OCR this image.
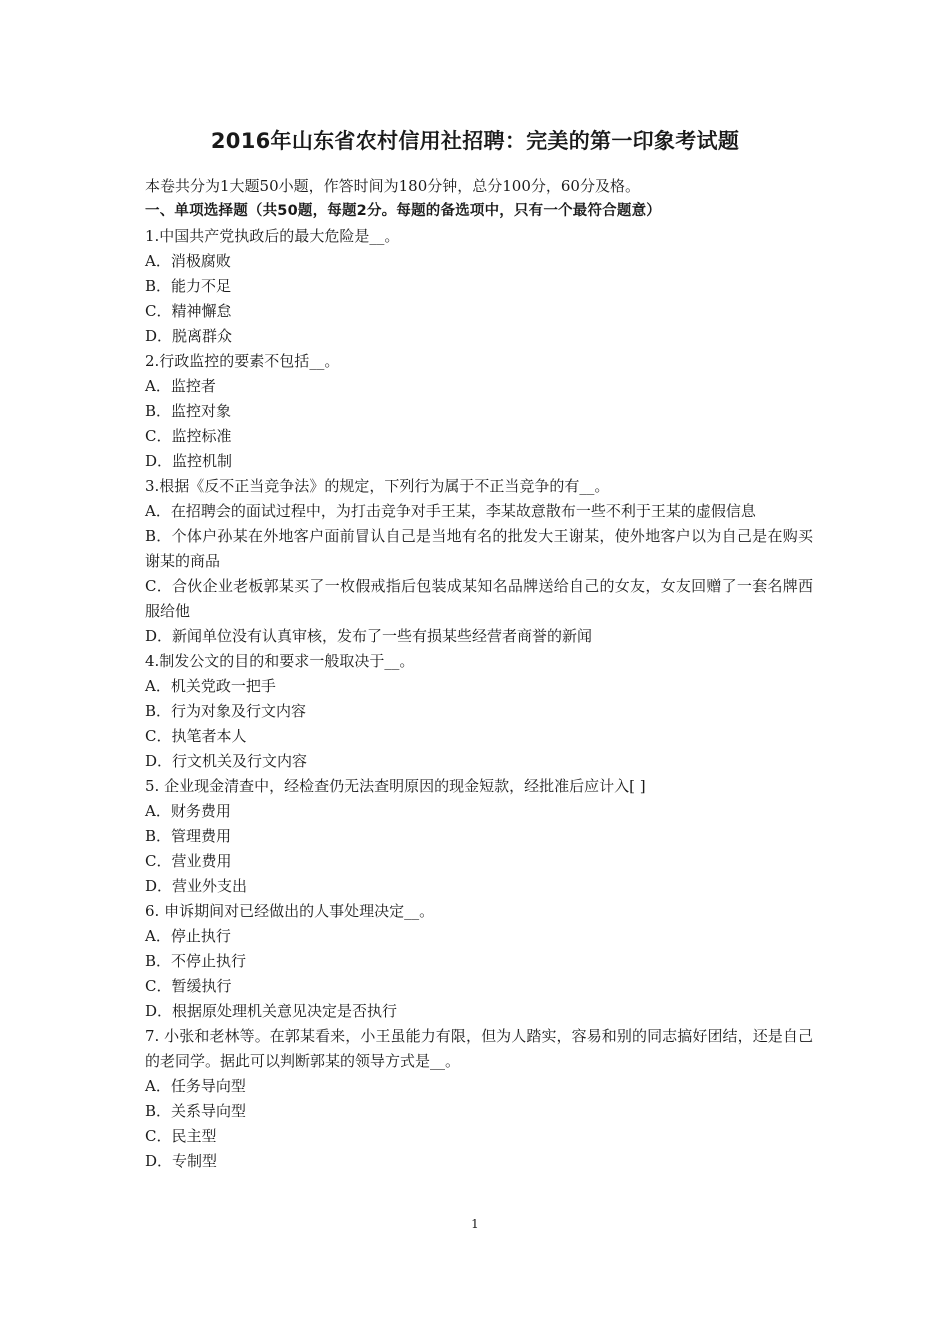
2016年山东省农村信用社招聘：完美的第一印象考试题

本卷共分为1大题50小题，作答时间为180分钟，总分100分，60分及格。

一、单项选择题（共50题，每题2分。每题的备选项中，只有一个最符合题意）

1.中国共产党执政后的最大危险是__。

A．消极腐败

B．能力不足

C．精神懈怠

D．脱离群众

2.行政监控的要素不包括__。

A．监控者

B．监控对象

C．监控标准

D．监控机制

3.根据《反不正当竞争法》的规定，下列行为属于不正当竞争的有__。

A．在招聘会的面试过程中，为打击竞争对手王某，李某故意散布一些不利于王某的虚假信息

B．个体户孙某在外地客户面前冒认自己是当地有名的批发大王谢某，使外地客户以为自己是在购买谢某的商品

C．合伙企业老板郭某买了一枚假戒指后包装成某知名品牌送给自己的女友，女友回赠了一套名牌西服给他

D．新闻单位没有认真审核，发布了一些有损某些经营者商誉的新闻

4.制发公文的目的和要求一般取决于__。

A．机关党政一把手

B．行为对象及行文内容

C．执笔者本人

D．行文机关及行文内容

5. 企业现金清查中，经检查仍无法查明原因的现金短款，经批准后应计入[ ]

A．财务费用

B．管理费用

C．营业费用

D．营业外支出

6. 申诉期间对已经做出的人事处理决定__。

A．停止执行

B．不停止执行

C．暂缓执行

D．根据原处理机关意见决定是否执行

7. 小张和老林等。在郭某看来，小王虽能力有限，但为人踏实，容易和别的同志搞好团结，还是自己的老同学。据此可以判断郭某的领导方式是__。

A．任务导向型

B．关系导向型

C．民主型

D．专制型

1
